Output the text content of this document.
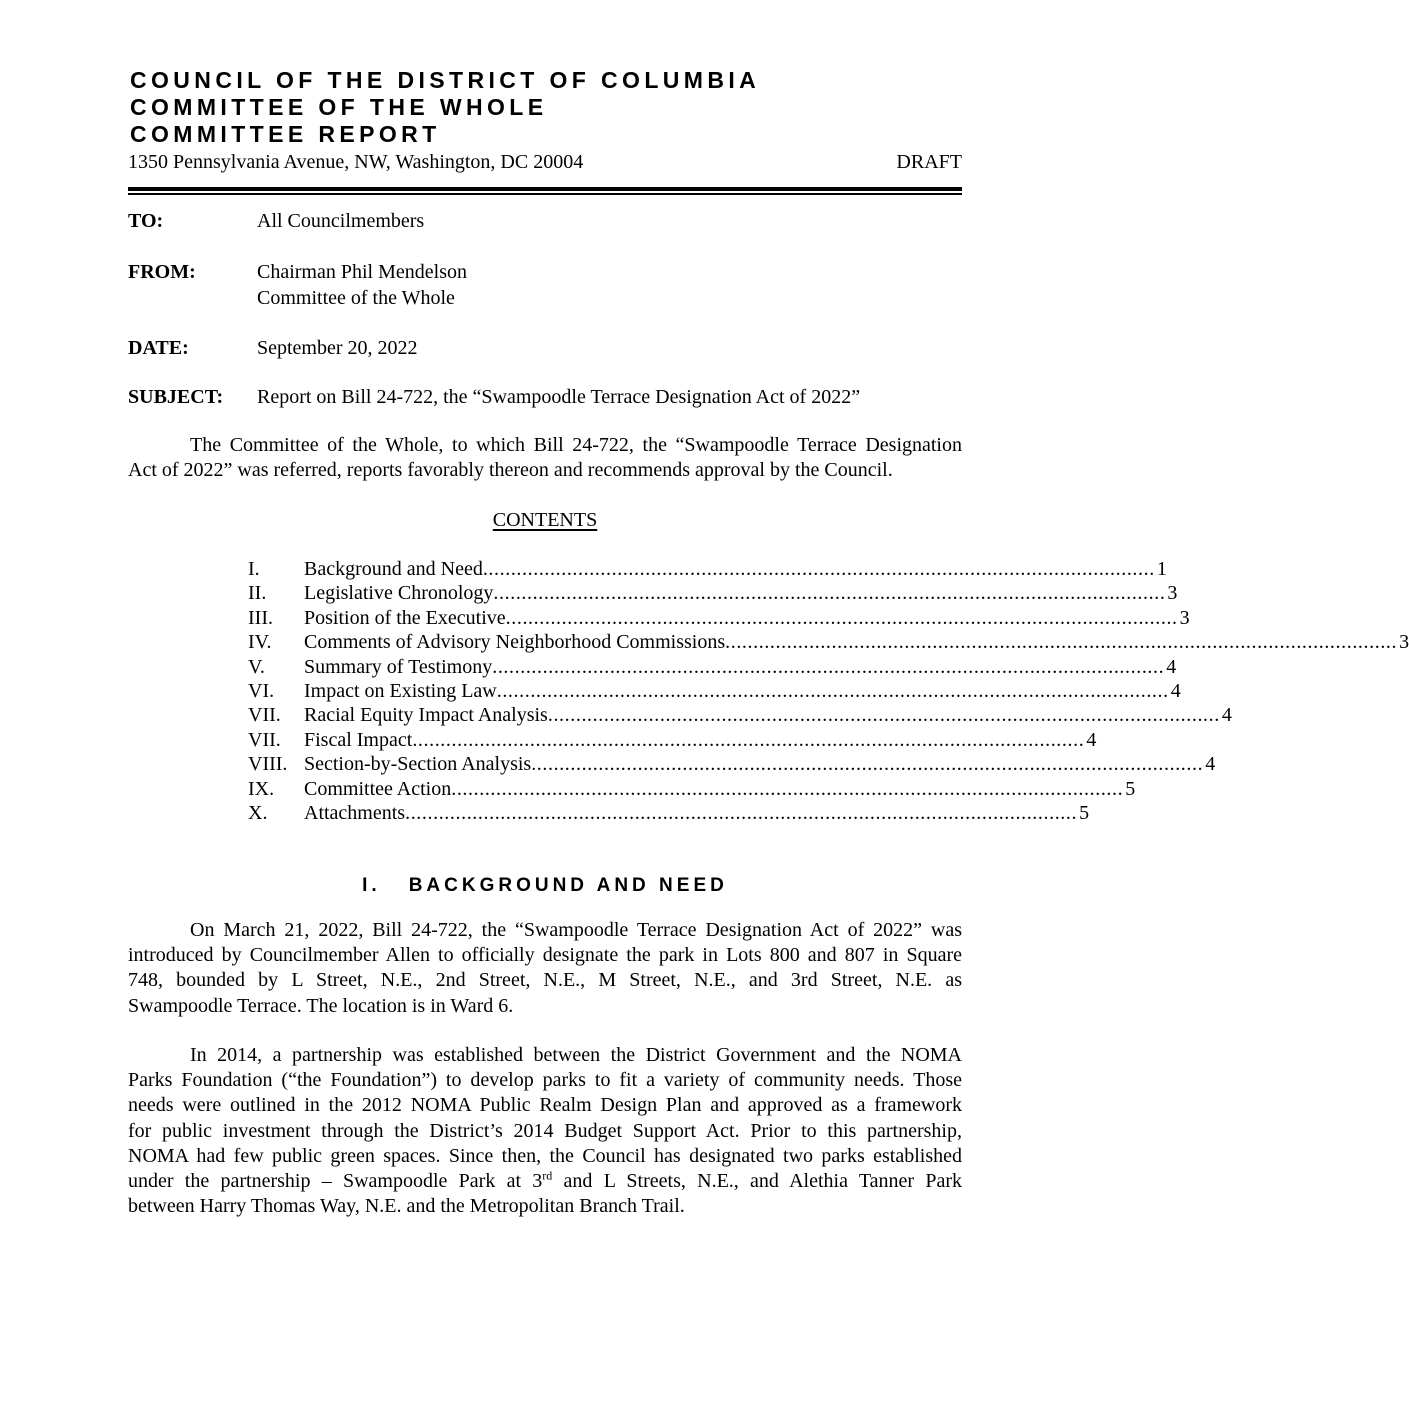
COUNCIL OF THE DISTRICT OF COLUMBIA
COMMITTEE OF THE WHOLE
COMMITTEE REPORT
1350 Pennsylvania Avenue, NW, Washington, DC 20004	DRAFT
TO:	All Councilmembers
FROM:	Chairman Phil Mendelson
Committee of the Whole
DATE:	September 20, 2022
SUBJECT: Report on Bill 24-722, the “Swampoodle Terrace Designation Act of 2022”
The Committee of the Whole, to which Bill 24-722, the “Swampoodle Terrace Designation
Act of 2022” was referred, reports favorably thereon and recommends approval by the Council.
CONTENTS
I.	Background and Need ........................................................................................................................ 1
II.	Legislative Chronology ........................................................................................................................ 3
III.	Position of the Executive ........................................................................................................................ 3
IV.	Comments of Advisory Neighborhood Commissions ........................................................................................................................ 3
V.	Summary of Testimony ........................................................................................................................ 4
VI.	Impact on Existing Law ........................................................................................................................ 4
VII.	Racial Equity Impact Analysis ........................................................................................................................ 4
VII.	Fiscal Impact ........................................................................................................................ 4
VIII. Section-by-Section Analysis ........................................................................................................................ 4
IX.	Committee Action ........................................................................................................................ 5
X.	Attachments ........................................................................................................................ 5
I. BACKGROUND AND NEED
On March 21, 2022, Bill 24-722, the “Swampoodle Terrace Designation Act of 2022” was
introduced by Councilmember Allen to officially designate the park in Lots 800 and 807 in Square
748, bounded by L Street, N.E., 2nd Street, N.E., M Street, N.E., and 3rd Street, N.E. as
Swampoodle Terrace. The location is in Ward 6.
In 2014, a partnership was established between the District Government and the NOMA
Parks Foundation (“the Foundation”) to develop parks to fit a variety of community needs. Those
needs were outlined in the 2012 NOMA Public Realm Design Plan and approved as a framework
for public investment through the District’s 2014 Budget Support Act. Prior to this partnership,
NOMA had few public green spaces. Since then, the Council has designated two parks established
under the partnership – Swampoodle Park at 3rd and L Streets, N.E., and Alethia Tanner Park
between Harry Thomas Way, N.E. and the Metropolitan Branch Trail.
